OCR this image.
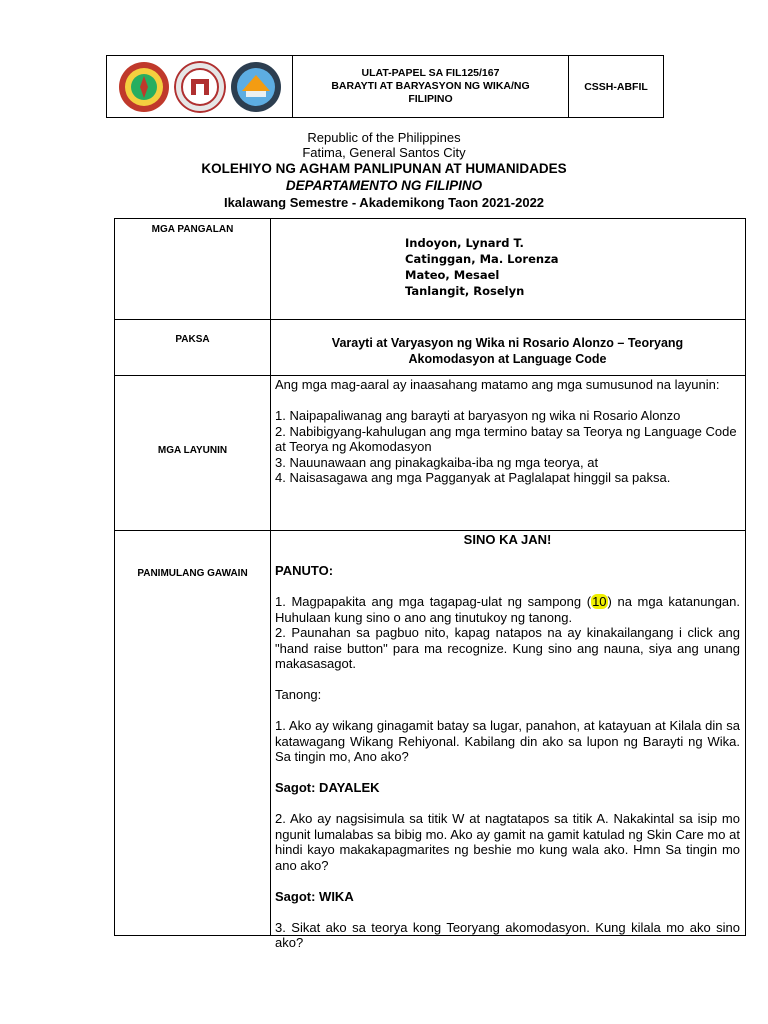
ULAT-PAPEL SA FIL125/167
BARAYTI AT BARYASYON NG WIKA/NG
FILIPINO
CSSH-ABFIL
Republic of the Philippines
Fatima, General Santos City
KOLEHIYO NG AGHAM PANLIPUNAN AT HUMANIDADES
DEPARTAMENTO NG FILIPINO
Ikalawang Semestre - Akademikong Taon 2021-2022
MGA PANGALAN
Indoyon, Lynard T.
Catinggan, Ma. Lorenza
Mateo, Mesael
Tanlangit, Roselyn
PAKSA	Varayti at Varyasyon ng Wika ni Rosario Alonzo – Teoryang
Akomodasyon at Language Code
MGA LAYUNIN
Ang mga mag-aaral ay inaasahang matamo ang mga sumusunod na layunin:
1. Naipapaliwanag ang barayti at baryasyon ng wika ni Rosario Alonzo
2. Nabibigyang-kahulugan ang mga termino batay sa Teorya ng Language Code at Teorya ng Akomodasyon
3. Nauunawaan ang pinakagkaiba-iba ng mga teorya, at
4. Naisasagawa ang mga Pagganyak at Paglalapat hinggil sa paksa.
PANIMULANG GAWAIN
SINO KA JAN!
PANUTO:
1. Magpapakita ang mga tagapag-ulat ng sampong (10) na mga katanungan. Huhulaan kung sino o ano ang tinutukoy ng tanong.
2. Paunahan sa pagbuo nito, kapag natapos na ay kinakailangang i click ang "hand raise button" para ma recognize. Kung sino ang nauna, siya ang unang makasasagot.
Tanong:
1. Ako ay wikang ginagamit batay sa lugar, panahon, at katayuan at Kilala din sa katawagang Wikang Rehiyonal. Kabilang din ako sa lupon ng Barayti ng Wika. Sa tingin mo, Ano ako?
Sagot: DAYALEK
2. Ako ay nagsisimula sa titik W at nagtatapos sa titik A. Nakakintal sa isip mo ngunit lumalabas sa bibig mo. Ako ay gamit na gamit katulad ng Skin Care mo at hindi kayo makakapagmarites ng beshie mo kung wala ako. Hmn Sa tingin mo ano ako?
Sagot: WIKA
3. Sikat ako sa teorya kong Teoryang akomodasyon. Kung kilala mo ako sino ako?
